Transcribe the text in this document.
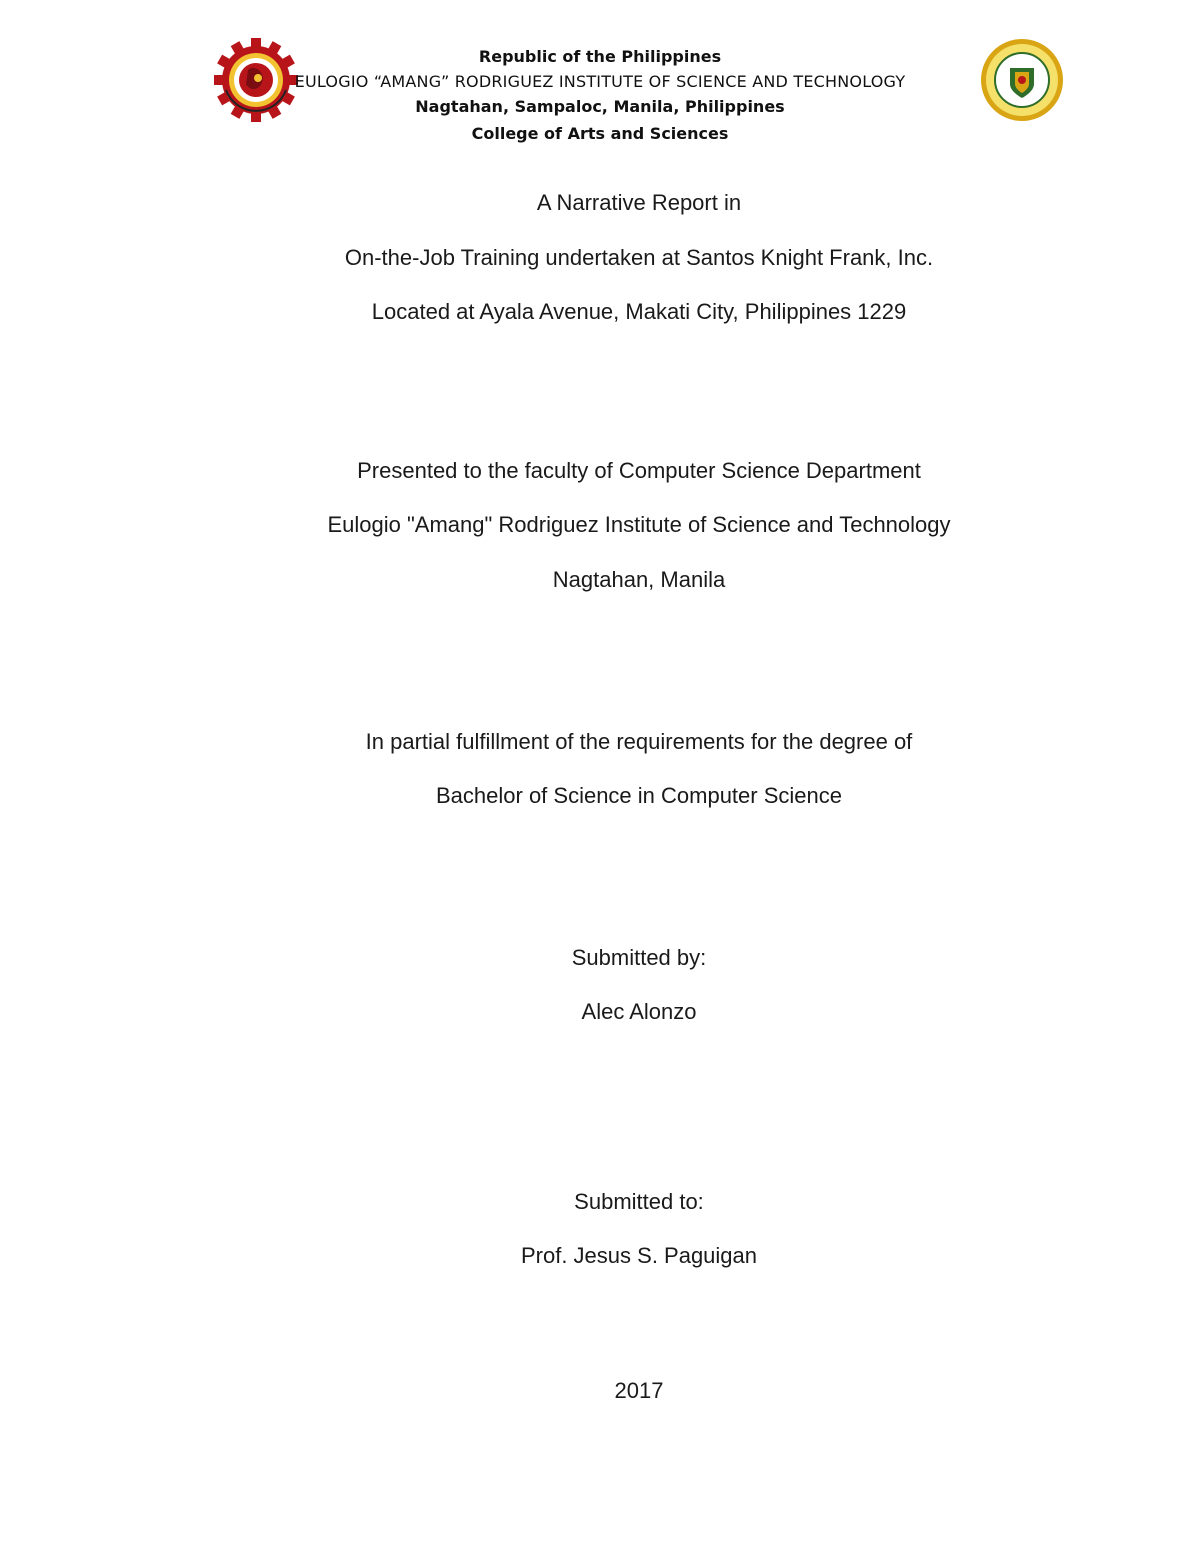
Republic of the Philippines
EULOGIO “AMANG” RODRIGUEZ INSTITUTE OF SCIENCE AND TECHNOLOGY
Nagtahan, Sampaloc, Manila, Philippines
College of Arts and Sciences
A Narrative Report in
On-the-Job Training undertaken at Santos Knight Frank, Inc.
Located at Ayala Avenue, Makati City, Philippines 1229
Presented to the faculty of Computer Science Department
Eulogio "Amang" Rodriguez Institute of Science and Technology
Nagtahan, Manila
In partial fulfillment of the requirements for the degree of
Bachelor of Science in Computer Science
Submitted by:
Alec Alonzo
Submitted to:
Prof. Jesus S. Paguigan
2017
